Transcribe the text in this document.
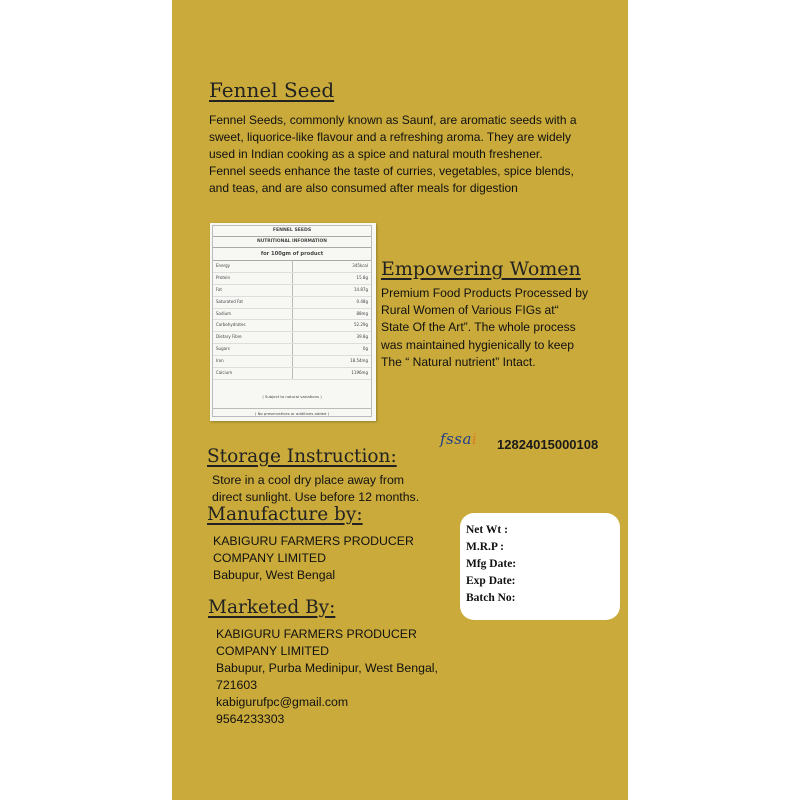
Fennel Seed
Fennel Seeds, commonly known as Saunf, are aromatic seeds with a
sweet, liquorice-like flavour and a refreshing aroma. They are widely
used in Indian cooking as a spice and natural mouth freshener.
Fennel seeds enhance the taste of curries, vegetables, spice blends,
and teas, and are also consumed after meals for digestion
FENNEL SEEDS
NUTRITIONAL INFORMATION
for 100gm of product
Energy	345kcal
Protein	15.8g
Fat	14.87g
Saturated Fat	0.48g
Sodium	88mg
Carbohydrates	52.29g
Dietary Fibre	39.8g
Sugars	0g
Iron	18.54mg
Calcium	1196mg
( Subject to natural variations )
( No preservatives or additives added )
Empowering Women
Premium Food Products Processed by
Rural Women of Various FIGs at“
State Of the Art”. The whole process
was maintained hygienically to keep
The “ Natural nutrient” Intact.
fssai 12824015000108
Storage Instruction:
Store in a cool dry place away from
direct sunlight. Use before 12 months.
Manufacture by:
KABIGURU FARMERS PRODUCER
COMPANY LIMITED
Babupur, West Bengal
Net Wt :
M.R.P :
Mfg Date:
Exp Date:
Batch No:
Marketed By:
KABIGURU FARMERS PRODUCER
COMPANY LIMITED
Babupur, Purba Medinipur, West Bengal,
721603
kabigurufpc@gmail.com
9564233303
